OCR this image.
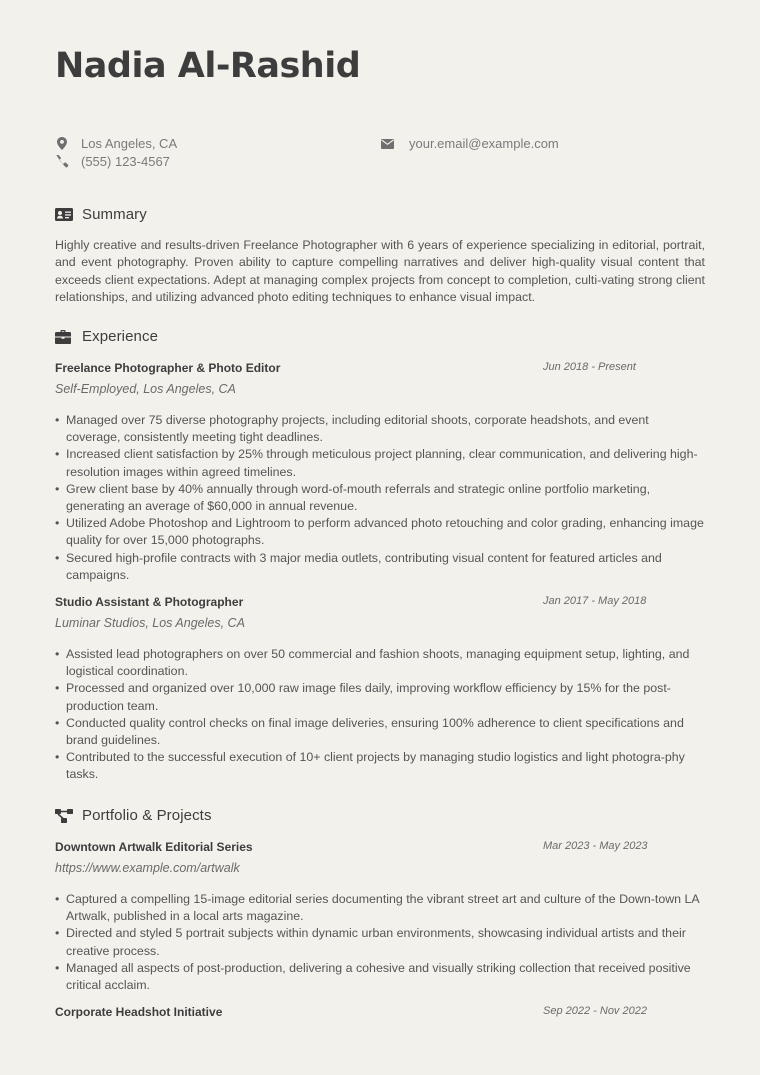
Nadia Al-Rashid
Los Angeles, CA
(555) 123-4567
your.email@example.com
Summary

Highly creative and results-driven Freelance Photographer with 6 years of experience specializing in editorial, portrait, and event photography. Proven ability to capture compelling narratives and deliver high-quality visual content that exceeds client expectations. Adept at managing complex projects from concept to completion, culti-vating strong client relationships, and utilizing advanced photo editing techniques to enhance visual impact.

Experience
Freelance Photographer & Photo Editor	Jun 2018 - Present
Self-Employed, Los Angeles, CA
• Managed over 75 diverse photography projects, including editorial shoots, corporate headshots, and event coverage, consistently meeting tight deadlines.
• Increased client satisfaction by 25% through meticulous project planning, clear communication, and delivering high-resolution images within agreed timelines.
• Grew client base by 40% annually through word-of-mouth referrals and strategic online portfolio marketing, generating an average of $60,000 in annual revenue.
• Utilized Adobe Photoshop and Lightroom to perform advanced photo retouching and color grading, enhancing image quality for over 15,000 photographs.
• Secured high-profile contracts with 3 major media outlets, contributing visual content for featured articles and campaigns.
Studio Assistant & Photographer	Jan 2017 - May 2018
Luminar Studios, Los Angeles, CA
• Assisted lead photographers on over 50 commercial and fashion shoots, managing equipment setup, lighting, and logistical coordination.
• Processed and organized over 10,000 raw image files daily, improving workflow efficiency by 15% for the post-production team.
• Conducted quality control checks on final image deliveries, ensuring 100% adherence to client specifications and brand guidelines.
• Contributed to the successful execution of 10+ client projects by managing studio logistics and light photogra-phy tasks.
Portfolio & Projects
Downtown Artwalk Editorial Series	Mar 2023 - May 2023
https://www.example.com/artwalk
• Captured a compelling 15-image editorial series documenting the vibrant street art and culture of the Down-town LA Artwalk, published in a local arts magazine.
• Directed and styled 5 portrait subjects within dynamic urban environments, showcasing individual artists and their creative process.
• Managed all aspects of post-production, delivering a cohesive and visually striking collection that received positive critical acclaim.
Corporate Headshot Initiative	Sep 2022 - Nov 2022
